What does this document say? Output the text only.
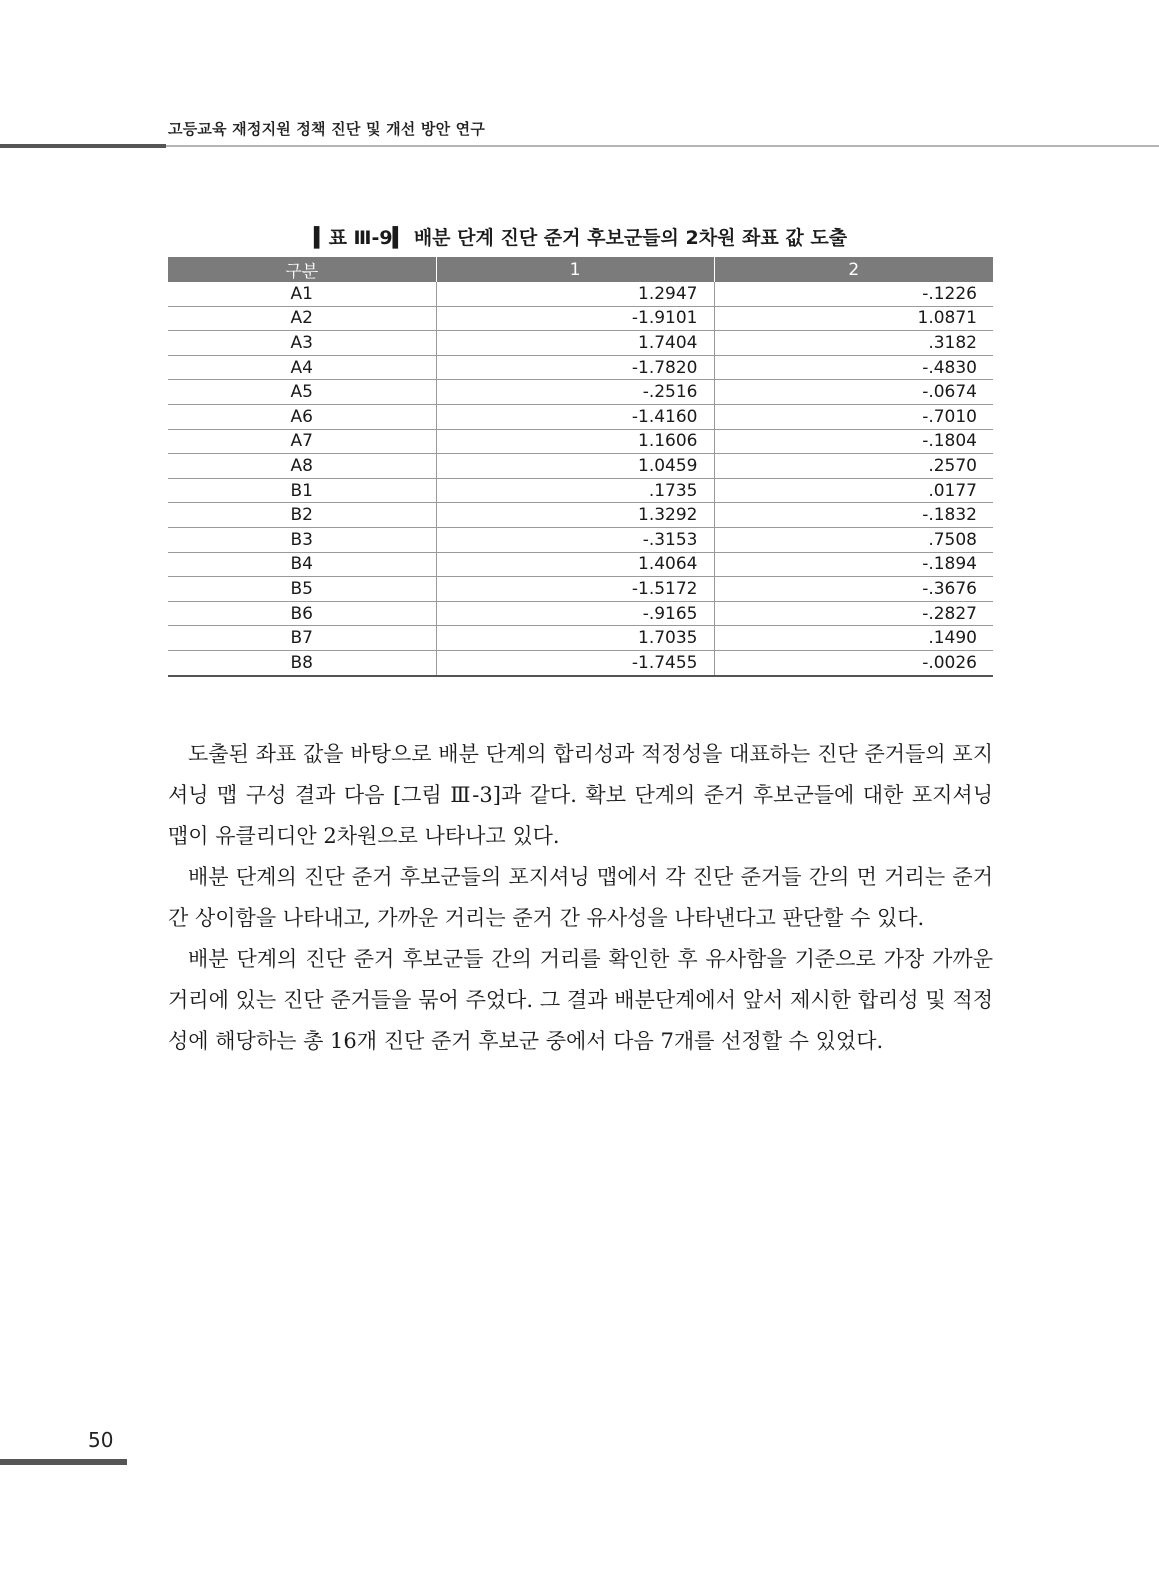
고등교육 재정지원 정책 진단 및 개선 방안 연구
▍표 Ⅲ-9▍ 배분 단계 진단 준거 후보군들의 2차원 좌표 값 도출
구분	1	2
A1	1.2947	-.1226
A2	-1.9101	1.0871
A3	1.7404	.3182
A4	-1.7820	-.4830
A5	-.2516	-.0674
A6	-1.4160	-.7010
A7	1.1606	-.1804
A8	1.0459	.2570
B1	.1735	.0177
B2	1.3292	-.1832
B3	-.3153	.7508
B4	1.4064	-.1894
B5	-1.5172	-.3676
B6	-.9165	-.2827
B7	1.7035	.1490
B8	-1.7455	-.0026

도출된 좌표 값을 바탕으로 배분 단계의 합리성과 적정성을 대표하는 진단 준거들의 포지셔닝 맵 구성 결과 다음 [그림 Ⅲ-3]과 같다. 확보 단계의 준거 후보군들에 대한 포지셔닝 맵이 유클리디안 2차원으로 나타나고 있다.

배분 단계의 진단 준거 후보군들의 포지셔닝 맵에서 각 진단 준거들 간의 먼 거리는 준거 간 상이함을 나타내고, 가까운 거리는 준거 간 유사성을 나타낸다고 판단할 수 있다.

배분 단계의 진단 준거 후보군들 간의 거리를 확인한 후 유사함을 기준으로 가장 가까운 거리에 있는 진단 준거들을 묶어 주었다. 그 결과 배분단계에서 앞서 제시한 합리성 및 적정성에 해당하는 총 16개 진단 준거 후보군 중에서 다음 7개를 선정할 수 있었다.

50
